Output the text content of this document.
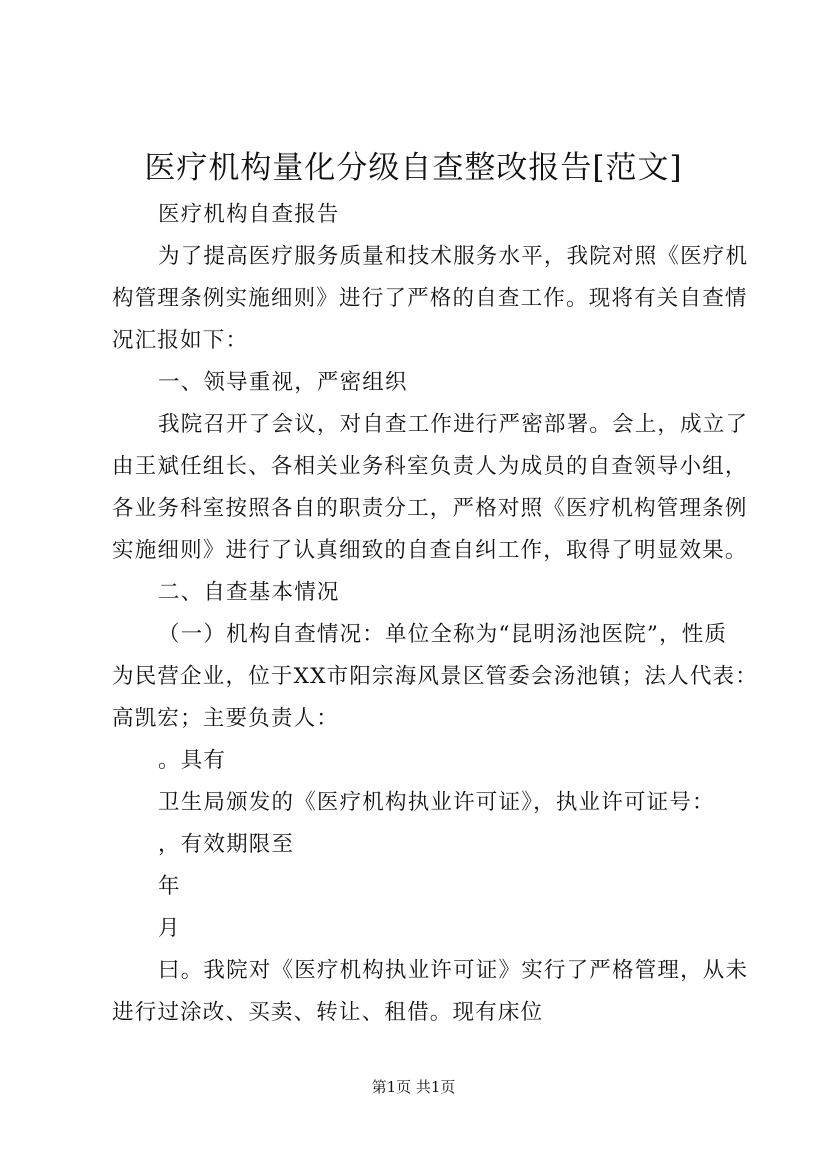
医疗机构量化分级自查整改报告[范文]

医疗机构自查报告

为了提高医疗服务质量和技术服务水平，我院对照《医疗机

构管理条例实施细则》进行了严格的自查工作。现将有关自查情

况汇报如下：

一、领导重视，严密组织

我院召开了会议，对自查工作进行严密部署。会上，成立了

由王斌任组长、各相关业务科室负责人为成员的自查领导小组，

各业务科室按照各自的职责分工，严格对照《医疗机构管理条例

实施细则》进行了认真细致的自查自纠工作，取得了明显效果。

二、自查基本情况

（一）机构自查情况：单位全称为“昆明汤池医院”，性质

为民营企业，位于XX市阳宗海风景区管委会汤池镇；法人代表：

高凯宏；主要负责人：

。具有

卫生局颁发的《医疗机构执业许可证》，执业许可证号：

，有效期限至

年

月

曰。我院对《医疗机构执业许可证》实行了严格管理，从未

进行过涂改、买卖、转让、租借。现有床位

第1页 共1页
